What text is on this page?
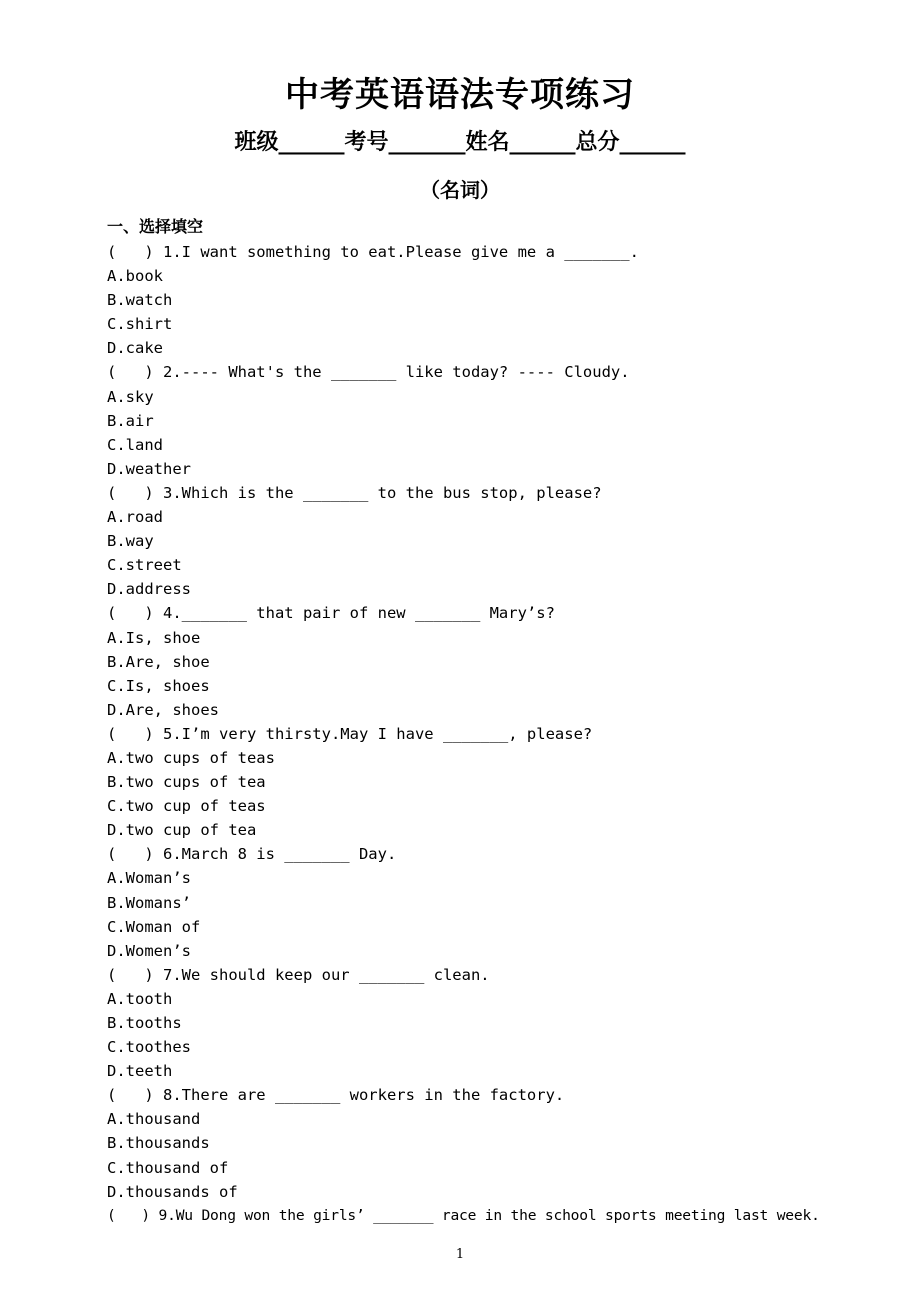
中考英语语法专项练习
班级______考号_______姓名______总分______
（名词）
一、选择填空
(   ) 1.I want something to eat.Please give me a _______.
A.book
B.watch
C.shirt
D.cake
(   ) 2.---- What's the _______ like today? ---- Cloudy.
A.sky
B.air
C.land
D.weather
(   ) 3.Which is the _______ to the bus stop, please?
A.road
B.way
C.street
D.address
(   ) 4._______ that pair of new _______ Mary’s?
A.Is, shoe
B.Are, shoe
C.Is, shoes
D.Are, shoes
(   ) 5.I’m very thirsty.May I have _______, please?
A.two cups of teas
B.two cups of tea
C.two cup of teas
D.two cup of tea
(   ) 6.March 8 is _______ Day.
A.Woman’s
B.Womans’
C.Woman of
D.Women’s
(   ) 7.We should keep our _______ clean.
A.tooth
B.tooths
C.toothes
D.teeth
(   ) 8.There are _______ workers in the factory.
A.thousand
B.thousands
C.thousand of
D.thousands of
(   ) 9.Wu Dong won the girls’ _______ race in the school sports meeting last week.
1
